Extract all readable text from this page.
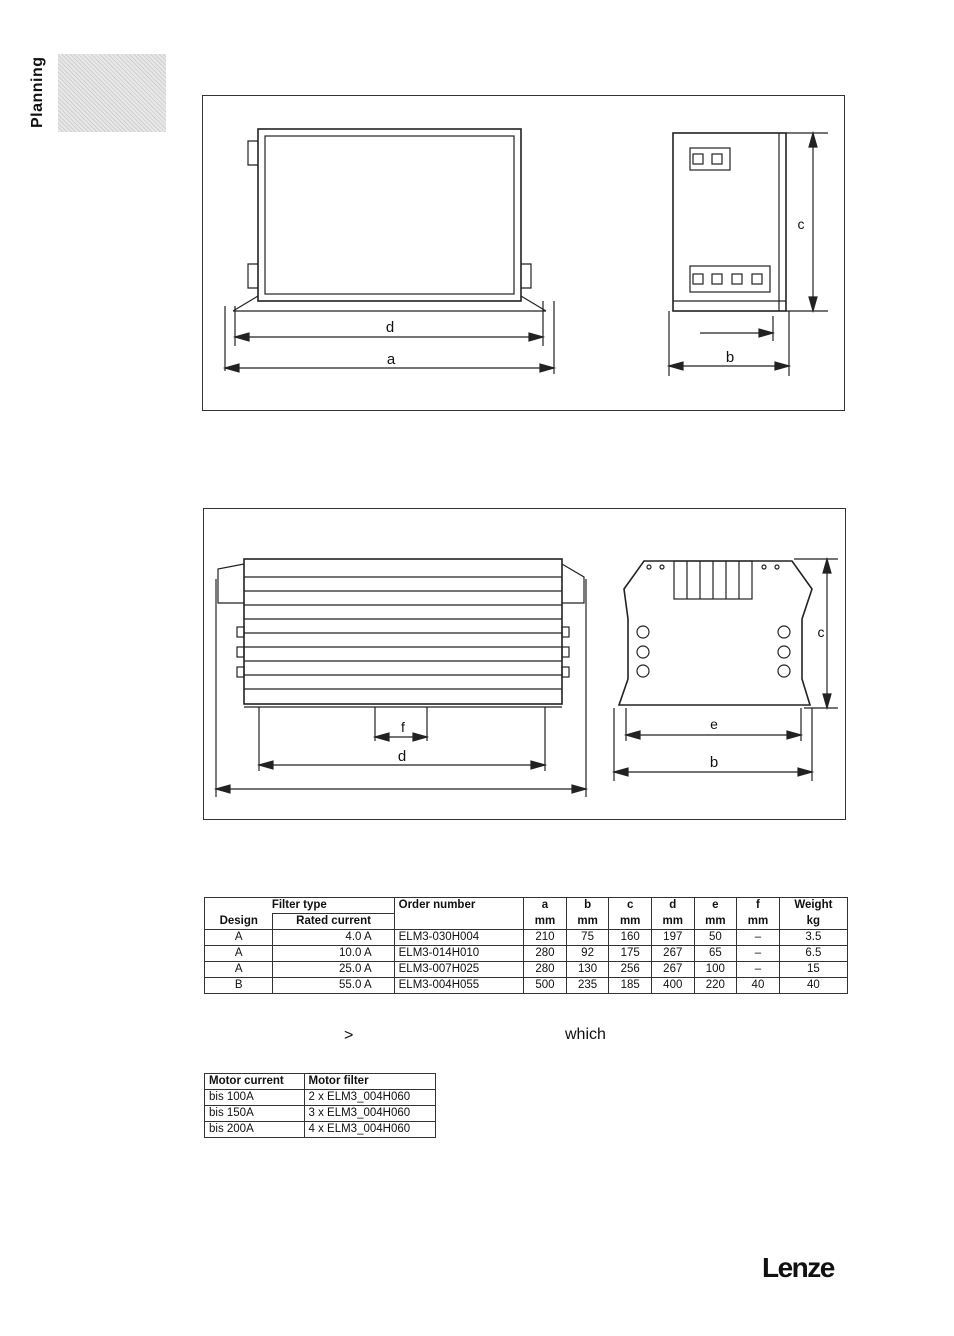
Planning
d
a
c
b
f
d
c
e
b
Filter type		Order number	a	b	c	d	e	f	Weight
Design	Rated current		mm	mm	mm	mm	mm	mm	kg
A	4.0 A	ELM3-030H004	210	75	160	197	50	–	3.5
A	10.0 A	ELM3-014H010	280	92	175	267	65	–	6.5
A	25.0 A	ELM3-007H025	280	130	256	267	100	–	15
B	55.0 A	ELM3-004H055	500	235	185	400	220	40	40
>	which
Motor current	Motor filter
bis 100A	2 x ELM3_004H060
bis 150A	3 x ELM3_004H060
bis 200A	4 x ELM3_004H060
Lenze
